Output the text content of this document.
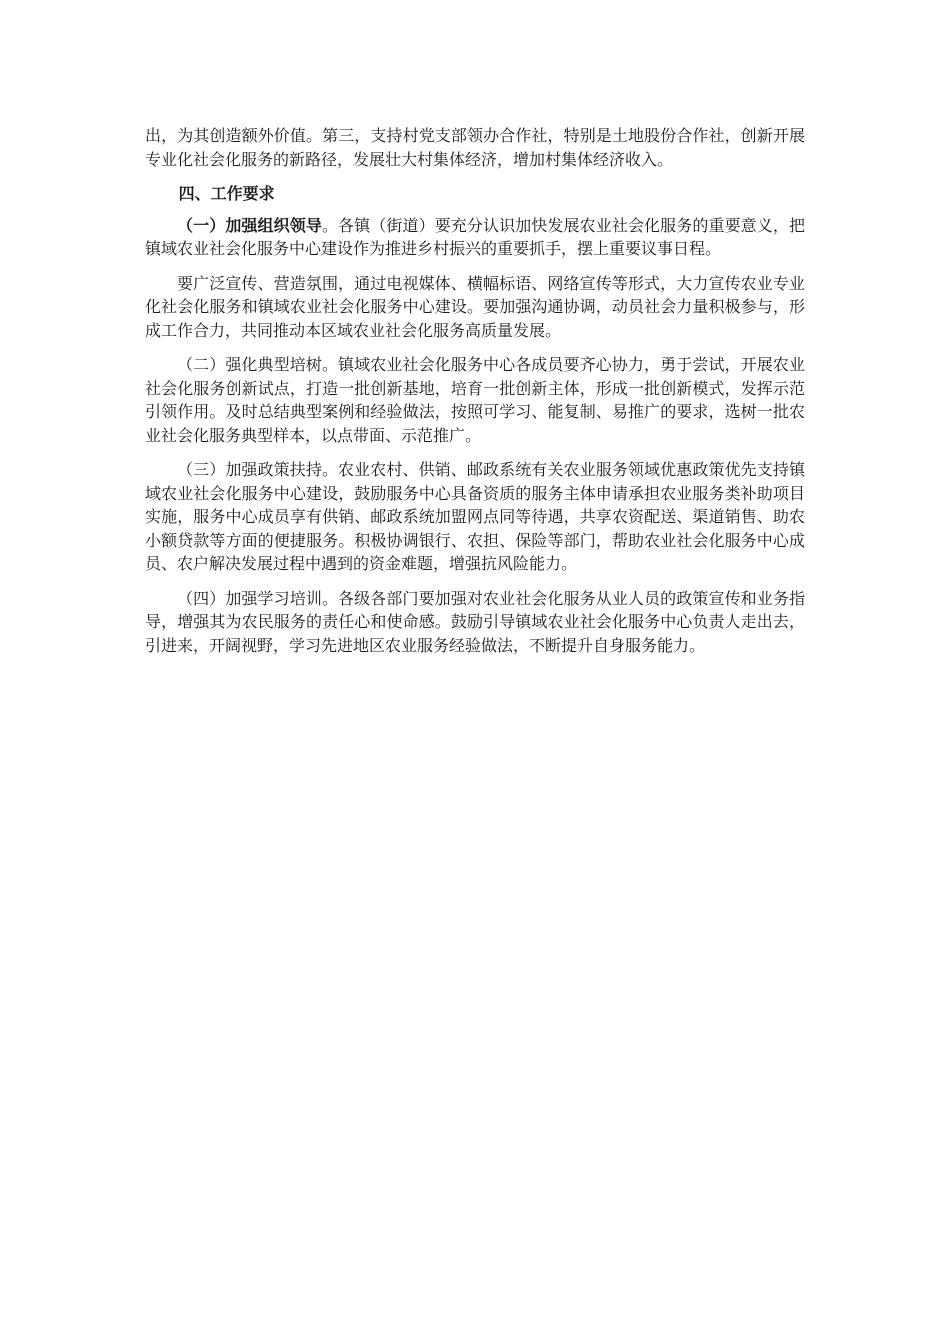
出，为其创造额外价值。第三，支持村党支部领办合作社，特别是土地股份合作社，创新开展专业化社会化服务的新路径，发展壮大村集体经济，增加村集体经济收入。

四、工作要求

（一）加强组织领导。各镇（街道）要充分认识加快发展农业社会化服务的重要意义，把镇域农业社会化服务中心建设作为推进乡村振兴的重要抓手，摆上重要议事日程。

要广泛宣传、营造氛围，通过电视媒体、横幅标语、网络宣传等形式，大力宣传农业专业化社会化服务和镇域农业社会化服务中心建设。要加强沟通协调，动员社会力量积极参与，形成工作合力，共同推动本区域农业社会化服务高质量发展。

（二）强化典型培树。镇域农业社会化服务中心各成员要齐心协力，勇于尝试，开展农业社会化服务创新试点，打造一批创新基地，培育一批创新主体，形成一批创新模式，发挥示范引领作用。及时总结典型案例和经验做法，按照可学习、能复制、易推广的要求，选树一批农业社会化服务典型样本，以点带面、示范推广。

（三）加强政策扶持。农业农村、供销、邮政系统有关农业服务领域优惠政策优先支持镇域农业社会化服务中心建设，鼓励服务中心具备资质的服务主体申请承担农业服务类补助项目实施，服务中心成员享有供销、邮政系统加盟网点同等待遇，共享农资配送、渠道销售、助农小额贷款等方面的便捷服务。积极协调银行、农担、保险等部门，帮助农业社会化服务中心成员、农户解决发展过程中遇到的资金难题，增强抗风险能力。

（四）加强学习培训。各级各部门要加强对农业社会化服务从业人员的政策宣传和业务指导，增强其为农民服务的责任心和使命感。鼓励引导镇域农业社会化服务中心负责人走出去，引进来，开阔视野，学习先进地区农业服务经验做法，不断提升自身服务能力。
